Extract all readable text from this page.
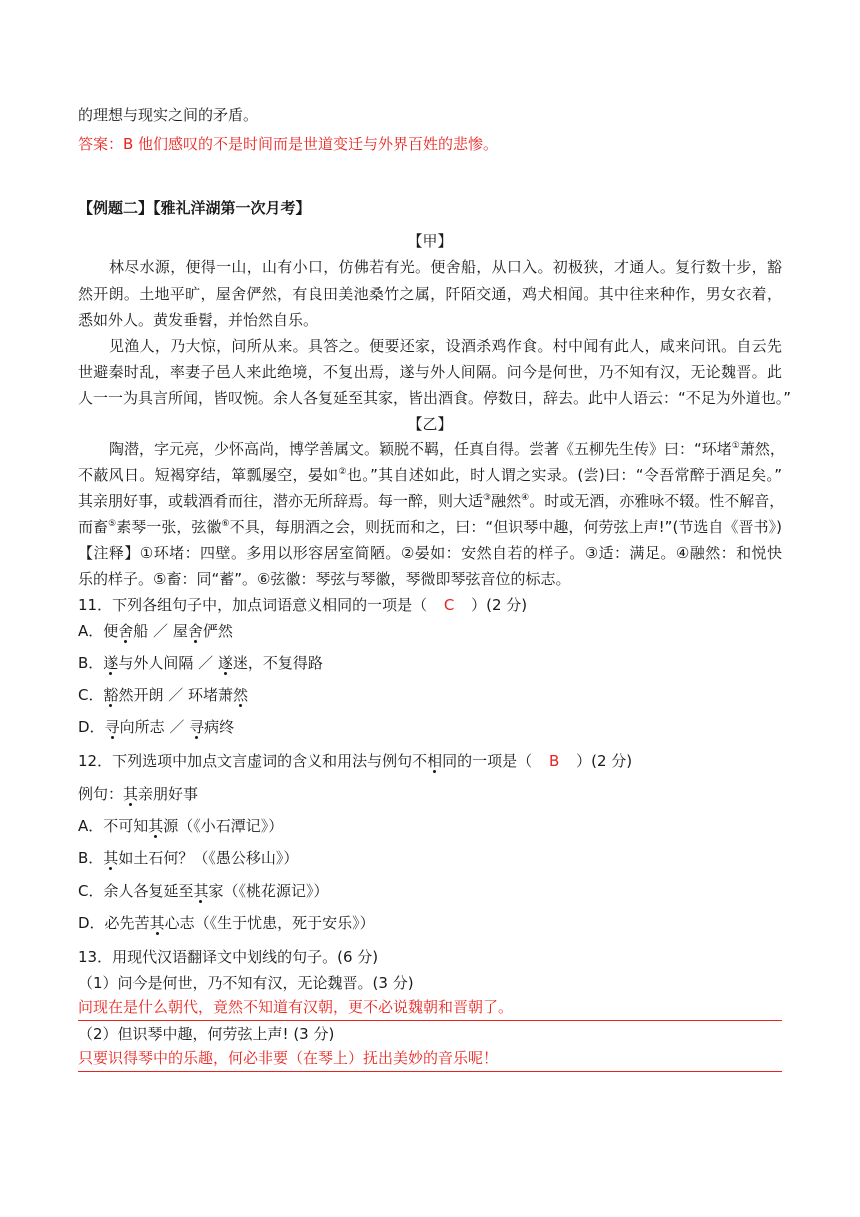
的理想与现实之间的矛盾。
答案：B 他们感叹的不是时间而是世道变迁与外界百姓的悲惨。
【例题二】【雅礼洋湖第一次月考】
【甲】
林尽水源，便得一山，山有小口，仿佛若有光。便舍船，从口入。初极狭，才通人。复行数十步，豁
然开朗。土地平旷，屋舍俨然，有良田美池桑竹之属，阡陌交通，鸡犬相闻。其中往来种作，男女衣着，
悉如外人。黄发垂髫，并怡然自乐。
见渔人，乃大惊，问所从来。具答之。便要还家，设酒杀鸡作食。村中闻有此人，咸来问讯。自云先
世避秦时乱，率妻子邑人来此绝境，不复出焉，遂与外人间隔。问今是何世，乃不知有汉，无论魏晋。此
人一一为具言所闻，皆叹惋。余人各复延至其家，皆出酒食。停数日，辞去。此中人语云：“不足为外道也。”
【乙】
陶潜，字元亮，少怀高尚，博学善属文。颖脱不羁，任真自得。尝著《五柳先生传》曰：“环堵①萧然，
不蔽风日。短褐穿结，箪瓢屡空，晏如②也。”其自述如此，时人谓之实录。(尝)曰：“令吾常醉于酒足矣。”
其亲朋好事，或载酒肴而往，潜亦无所辞焉。每一醉，则大适③融然④。时或无酒，亦雅咏不辍。性不解音，
而畜⑤素琴一张，弦徽⑥不具，每朋酒之会，则抚而和之，曰：“但识琴中趣，何劳弦上声!”(节选自《晋书》)
【注释】①环堵：四壁。多用以形容居室简陋。②晏如：安然自若的样子。③适：满足。④融然：和悦快
乐的样子。⑤畜：同“蓄”。⑥弦徽：琴弦与琴徽，琴微即琴弦音位的标志。
11．下列各组句子中，加点词语意义相同的一项是（ C ）(2 分)
A．便舍船 ／ 屋舍俨然
B．遂与外人间隔 ／ 遂迷，不复得路
C．豁然开朗 ／ 环堵萧然
D．寻向所志 ／ 寻病终
12．下列选项中加点文言虚词的含义和用法与例句不相同的一项是（ B ）(2 分)
例句：其亲朋好事
A．不可知其源（《小石潭记》）
B．其如土石何？（《愚公移山》）
C．余人各复延至其家（《桃花源记》）
D．必先苦其心志（《生于忧患，死于安乐》）
13．用现代汉语翻译文中划线的句子。(6 分)
（1）问今是何世，乃不知有汉，无论魏晋。(3 分)
问现在是什么朝代，竟然不知道有汉朝，更不必说魏朝和晋朝了。
（2）但识琴中趣，何劳弦上声! (3 分)
只要识得琴中的乐趣，何必非要（在琴上）抚出美妙的音乐呢！
